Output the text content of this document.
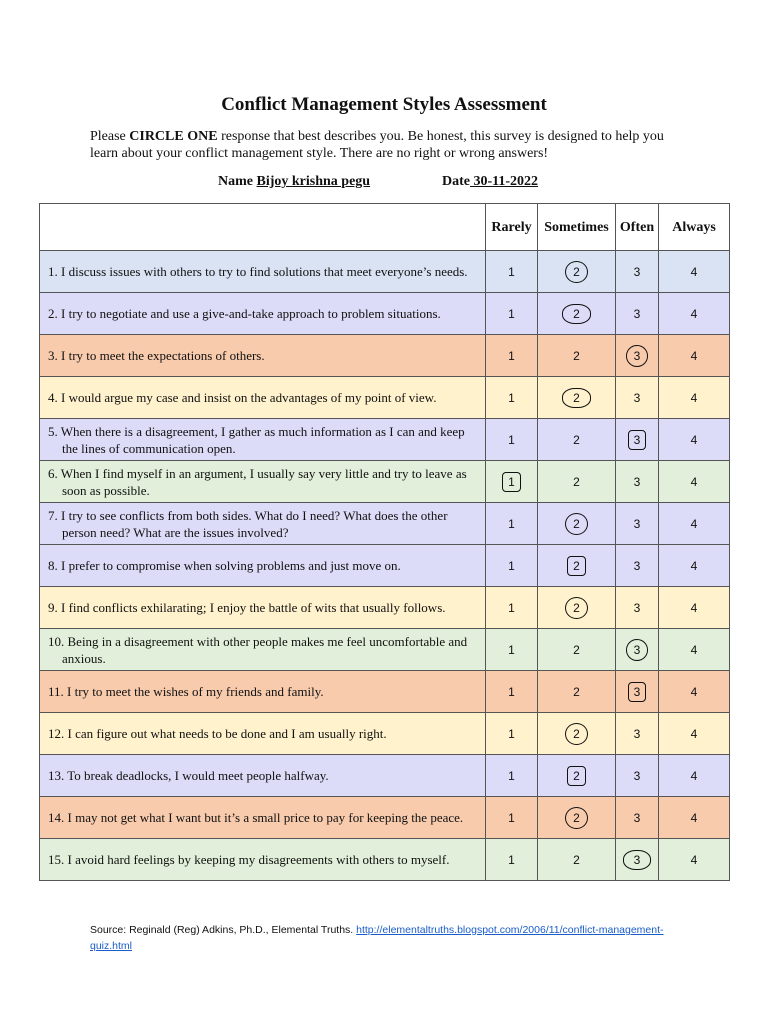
Conflict Management Styles Assessment
Please CIRCLE ONE response that best describes you. Be honest, this survey is designed to help you learn about your conflict management style. There are no right or wrong answers!
Name Bijoy krishna pegu	Date 30-11-2022
	Rarely	Sometimes	Often	Always

1. I discuss issues with others to try to find solutions that meet everyone’s needs.	1	2	3	4

2. I try to negotiate and use a give-and-take approach to problem situations.	1	2	3	4

3. I try to meet the expectations of others.	1	2	3	4

4. I would argue my case and insist on the advantages of my point of view.	1	2	3	4

5. When there is a disagreement, I gather as much information as I can and keep the lines of communication open.	1	2	3	4

6. When I find myself in an argument, I usually say very little and try to leave as soon as possible.	1	2	3	4

7. I try to see conflicts from both sides. What do I need? What does the other person need? What are the issues involved?	1	2	3	4

8. I prefer to compromise when solving problems and just move on.	1	2	3	4

9. I find conflicts exhilarating; I enjoy the battle of wits that usually follows.	1	2	3	4

10. Being in a disagreement with other people makes me feel uncomfortable and anxious.	1	2	3	4

11. I try to meet the wishes of my friends and family.	1	2	3	4

12. I can figure out what needs to be done and I am usually right.	1	2	3	4

13. To break deadlocks, I would meet people halfway.	1	2	3	4

14. I may not get what I want but it’s a small price to pay for keeping the peace.	1	2	3	4

15. I avoid hard feelings by keeping my disagreements with others to myself.	1	2	3	4
Source: Reginald (Reg) Adkins, Ph.D., Elemental Truths. http://elementaltruths.blogspot.com/2006/11/conflict-management-quiz.html
